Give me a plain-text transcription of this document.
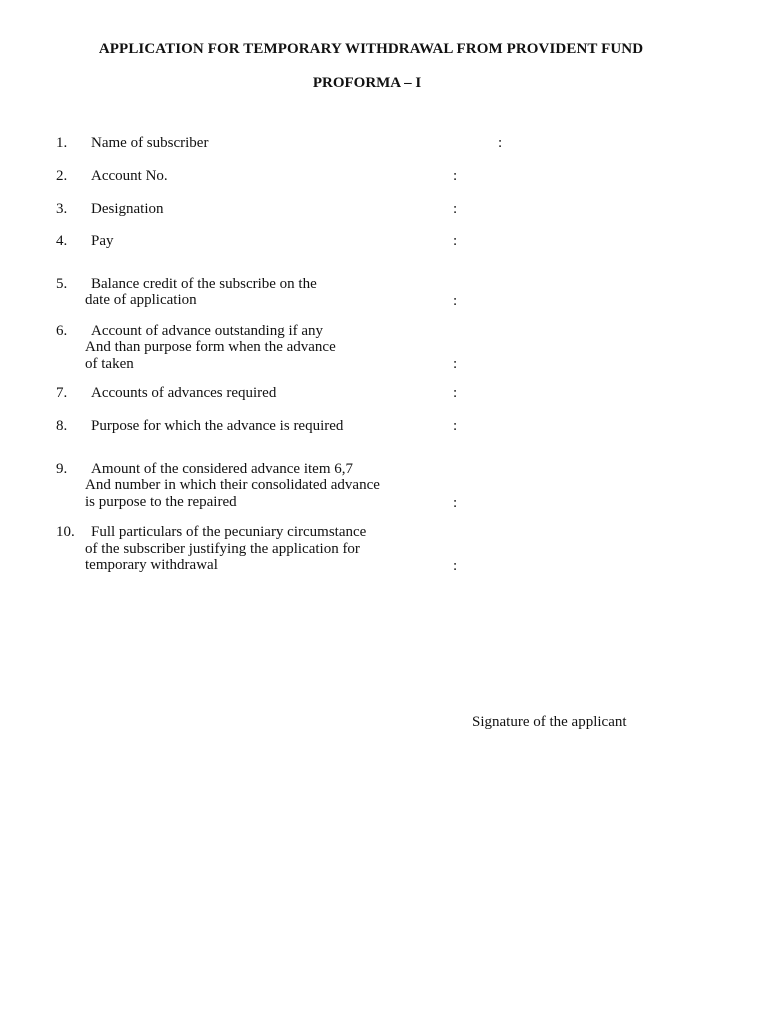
APPLICATION FOR TEMPORARY WITHDRAWAL FROM PROVIDENT FUND
PROFORMA – I
1. Name of subscriber	:
2. Account No.	:
3. Designation	:
4. Pay	:
5. Balance credit of the subscribe on the
date of application	:
6. Account of advance outstanding if any
And than purpose form when the advance
of taken	:
7. Accounts of advances required	:
8. Purpose for which the advance is required	:
9. Amount of the considered advance item 6,7
And number in which their consolidated advance
is purpose to the repaired	:
10. Full particulars of the pecuniary circumstance
of the subscriber justifying the application for
temporary withdrawal	:
Signature of the applicant
